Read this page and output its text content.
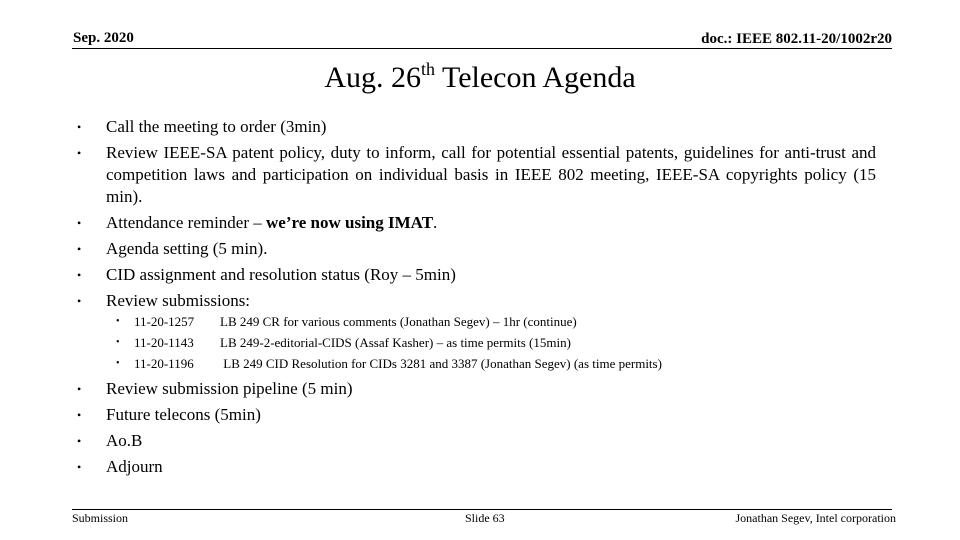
Sep. 2020	doc.: IEEE 802.11-20/1002r20
Aug. 26th Telecon Agenda
• Call the meeting to order (3min)
• Review IEEE-SA patent policy, duty to inform, call for potential essential patents, guidelines for anti-trust and competition laws and participation on individual basis in IEEE 802 meeting, IEEE-SA copyrights policy (15 min).
• Attendance reminder – we’re now using IMAT.
• Agenda setting (5 min).
• CID assignment and resolution status (Roy – 5min)
• Review submissions:
• 11-20-1257 LB 249 CR for various comments (Jonathan Segev) – 1hr (continue)
• 11-20-1143 LB 249-2-editorial-CIDS (Assaf Kasher) – as time permits (15min)
• 11-20-1196 LB 249 CID Resolution for CIDs 3281 and 3387 (Jonathan Segev) (as time permits)
• Review submission pipeline (5 min)
• Future telecons (5min)
• Ao.B
• Adjourn
Submission	Slide 63	Jonathan Segev, Intel corporation
